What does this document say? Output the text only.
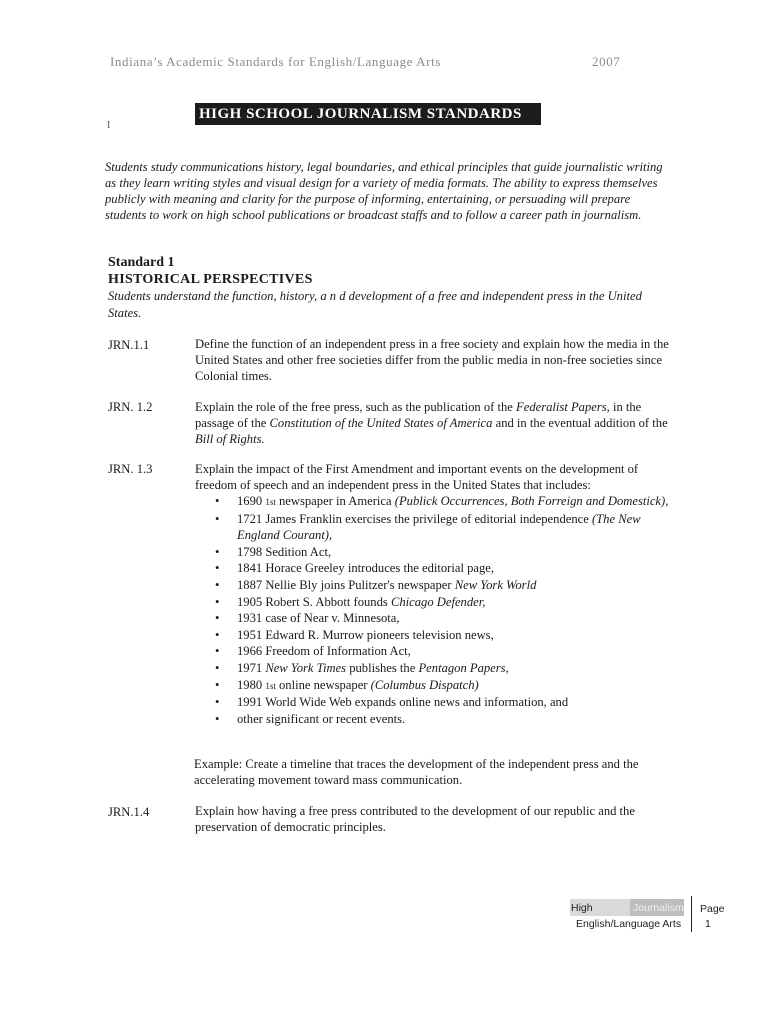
Indiana’s Academic Standards for English/Language Arts	2007
HIGH SCHOOL JOURNALISM STANDARDS
I
Students study communications history, legal boundaries, and ethical principles that guide journalistic writing as they learn writing styles and visual design for a variety of media formats. The ability to express themselves publicly with meaning and clarity for the purpose of informing, entertaining, or persuading will prepare students to work on high school publications or broadcast staffs and to follow a career path in journalism.
Standard 1
HISTORICAL PERSPECTIVES
Students understand the function, history, a n d development of a free and independent press in the United States.
JRN.1.1	Define the function of an independent press in a free society and explain how the media in the United States and other free societies differ from the public media in non-free societies since Colonial times.
JRN. 1.2	Explain the role of the free press, such as the publication of the Federalist Papers, in the passage of the Constitution of the United States of America and in the eventual addition of the Bill of Rights.
JRN. 1.3	Explain the impact of the First Amendment and important events on the development of freedom of speech and an independent press in the United States that includes:
• 1690 1st newspaper in America (Publick Occurrences, Both Forreign and Domestick),
• 1721 James Franklin exercises the privilege of editorial independence (The New England Courant),
• 1798 Sedition Act,
• 1841 Horace Greeley introduces the editorial page,
• 1887 Nellie Bly joins Pulitzer's newspaper New York World
• 1905 Robert S. Abbott founds Chicago Defender,
• 1931 case of Near v. Minnesota,
• 1951 Edward R. Murrow pioneers television news,
• 1966 Freedom of Information Act,
• 1971 New York Times publishes the Pentagon Papers,
• 1980 1st online newspaper (Columbus Dispatch)
• 1991 World Wide Web expands online news and information, and
• other significant or recent events.
Example: Create a timeline that traces the development of the independent press and the accelerating movement toward mass communication.
JRN.1.4	Explain how having a free press contributed to the development of our republic and the preservation of democratic principles.
High	Journalism
English/Language Arts
Page
1
